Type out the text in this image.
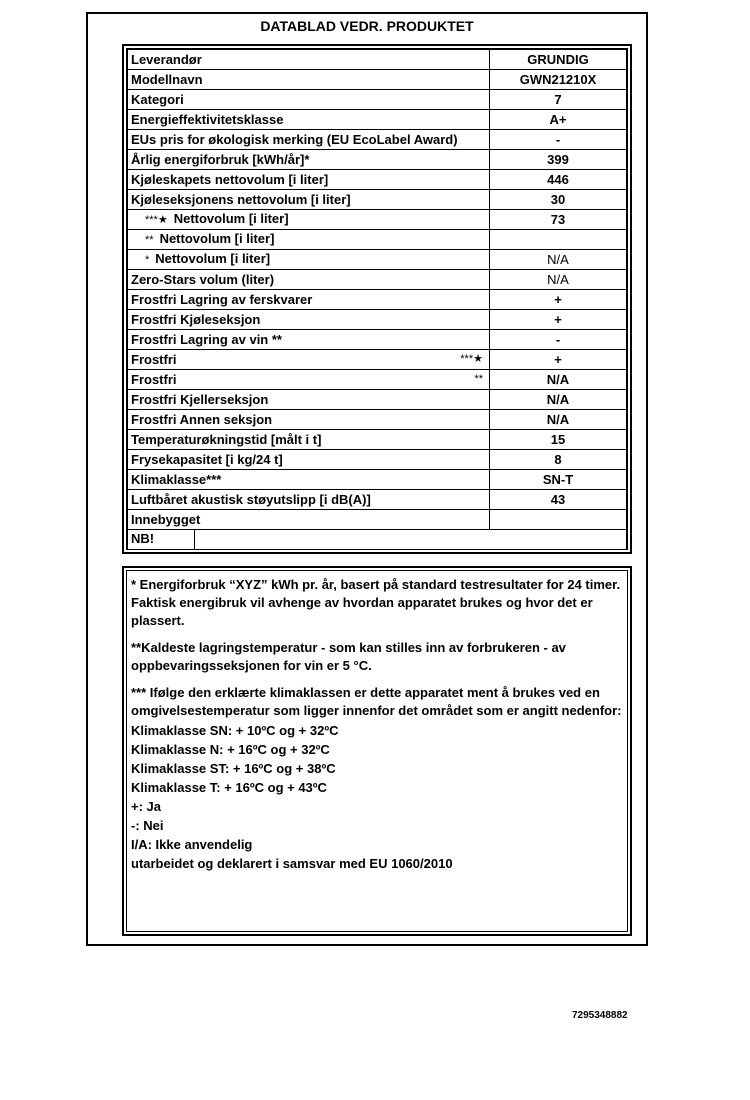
DATABLAD VEDR. PRODUKTET
Leverandør	GRUNDIG
Modellnavn	GWN21210X
Kategori	7
Energieffektivitetsklasse	A+
EUs pris for økologisk merking (EU EcoLabel Award)	-
Årlig energiforbruk [kWh/år]*	399
Kjøleskapets nettovolum [i liter]	446
Kjøleseksjonens nettovolum [i liter]	30
***★ Nettovolum [i liter]	73
** Nettovolum [i liter]	
* Nettovolum [i liter]	N/A
Zero-Stars volum (liter)	N/A
Frostfri Lagring av ferskvarer	+
Frostfri Kjøleseksjon	+
Frostfri Lagring av vin **	-
Frostfri ***★	+
Frostfri **	N/A
Frostfri Kjellerseksjon	N/A
Frostfri Annen seksjon	N/A
Temperaturøkningstid [målt i t]	15
Frysekapasitet [i kg/24 t]	8
Klimaklasse***	SN-T
Luftbåret akustisk støyutslipp [i dB(A)]	43
Innebygget	

NB!	

* Energiforbruk “XYZ” kWh pr. år, basert på standard testresultater for 24 timer. Faktisk energibruk vil avhenge av hvordan apparatet brukes og hvor det er plassert.

**Kaldeste lagringstemperatur - som kan stilles inn av forbrukeren - av oppbevaringsseksjonen for vin er 5 °C.

*** Ifølge den erklærte klimaklassen er dette apparatet ment å brukes ved en omgivelsestemperatur som ligger innenfor det området som er angitt nedenfor:

Klimaklasse SN: + 10ºC og + 32ºC
Klimaklasse N: + 16ºC og + 32ºC
Klimaklasse ST: + 16ºC og + 38ºC
Klimaklasse T: + 16ºC og + 43ºC
+: Ja
-: Nei
I/A: Ikke anvendelig
utarbeidet og deklarert i samsvar med EU 1060/2010
7295348882
